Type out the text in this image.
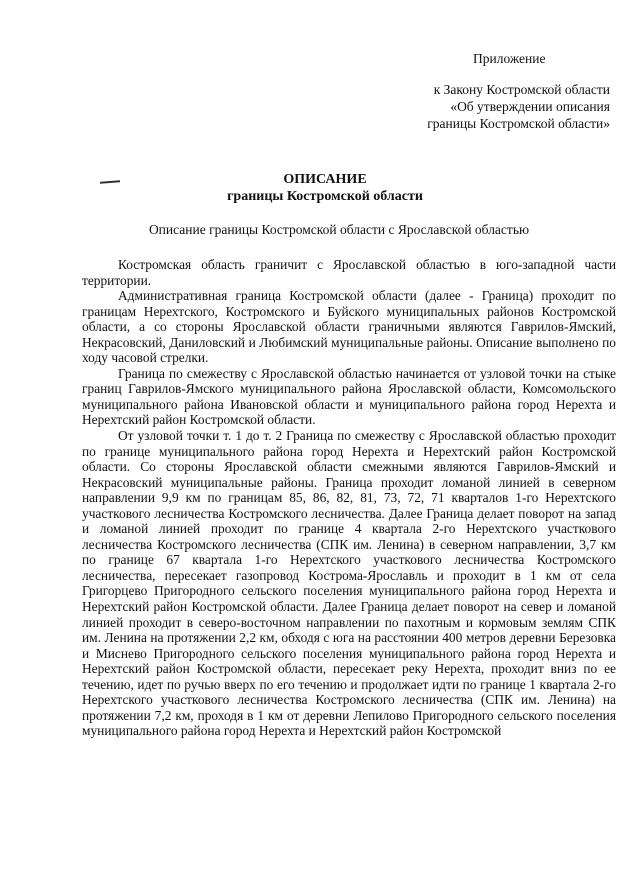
Приложение
к Закону Костромской области
«Об утверждении описания
границы Костромской области»
ОПИСАНИЕ
границы Костромской области
Описание границы Костромской области с Ярославской областью

Костромская область граничит с Ярославской областью в юго-западной части территории.

Административная граница Костромской области (далее - Граница) проходит по границам Нерехтского, Костромского и Буйского муниципальных районов Костромской области, а со стороны Ярославской области граничными являются Гаврилов-Ямский, Некрасовский, Даниловский и Любимский муниципальные районы. Описание выполнено по ходу часовой стрелки.

Граница по смежеству с Ярославской областью начинается от узловой точки на стыке границ Гаврилов-Ямского муниципального района Ярославской области, Комсомольского муниципального района Ивановской области и муниципального района город Нерехта и Нерехтский район Костромской области.

От узловой точки т. 1 до т. 2 Граница по смежеству с Ярославской областью проходит по границе муниципального района город Нерехта и Нерехтский район Костромской области. Со стороны Ярославской области смежными являются Гаврилов-Ямский и Некрасовский муниципальные районы. Граница проходит ломаной линией в северном направлении 9,9 км по границам 85, 86, 82, 81, 73, 72, 71 кварталов 1-го Нерехтского участкового лесничества Костромского лесничества. Далее Граница делает поворот на запад и ломаной линией проходит по границе 4 квартала 2-го Нерехтского участкового лесничества Костромского лесничества (СПК им. Ленина) в северном направлении, 3,7 км по границе 67 квартала 1-го Нерехтского участкового лесничества Костромского лесничества, пересекает газопровод Кострома-Ярославль и проходит в 1 км от села Григорцево Пригородного сельского поселения муниципального района город Нерехта и Нерехтский район Костромской области. Далее Граница делает поворот на север и ломаной линией проходит в северо-восточном направлении по пахотным и кормовым землям СПК им. Ленина на протяжении 2,2 км, обходя с юга на расстоянии 400 метров деревни Березовка и Миснево Пригородного сельского поселения муниципального района город Нерехта и Нерехтский район Костромской области, пересекает реку Нерехта, проходит вниз по ее течению, идет по ручью вверх по его течению и продолжает идти по границе 1 квартала 2-го Нерехтского участкового лесничества Костромского лесничества (СПК им. Ленина) на протяжении 7,2 км, проходя в 1 км от деревни Лепилово Пригородного сельского поселения муниципального района город Нерехта и Нерехтский район Костромской
